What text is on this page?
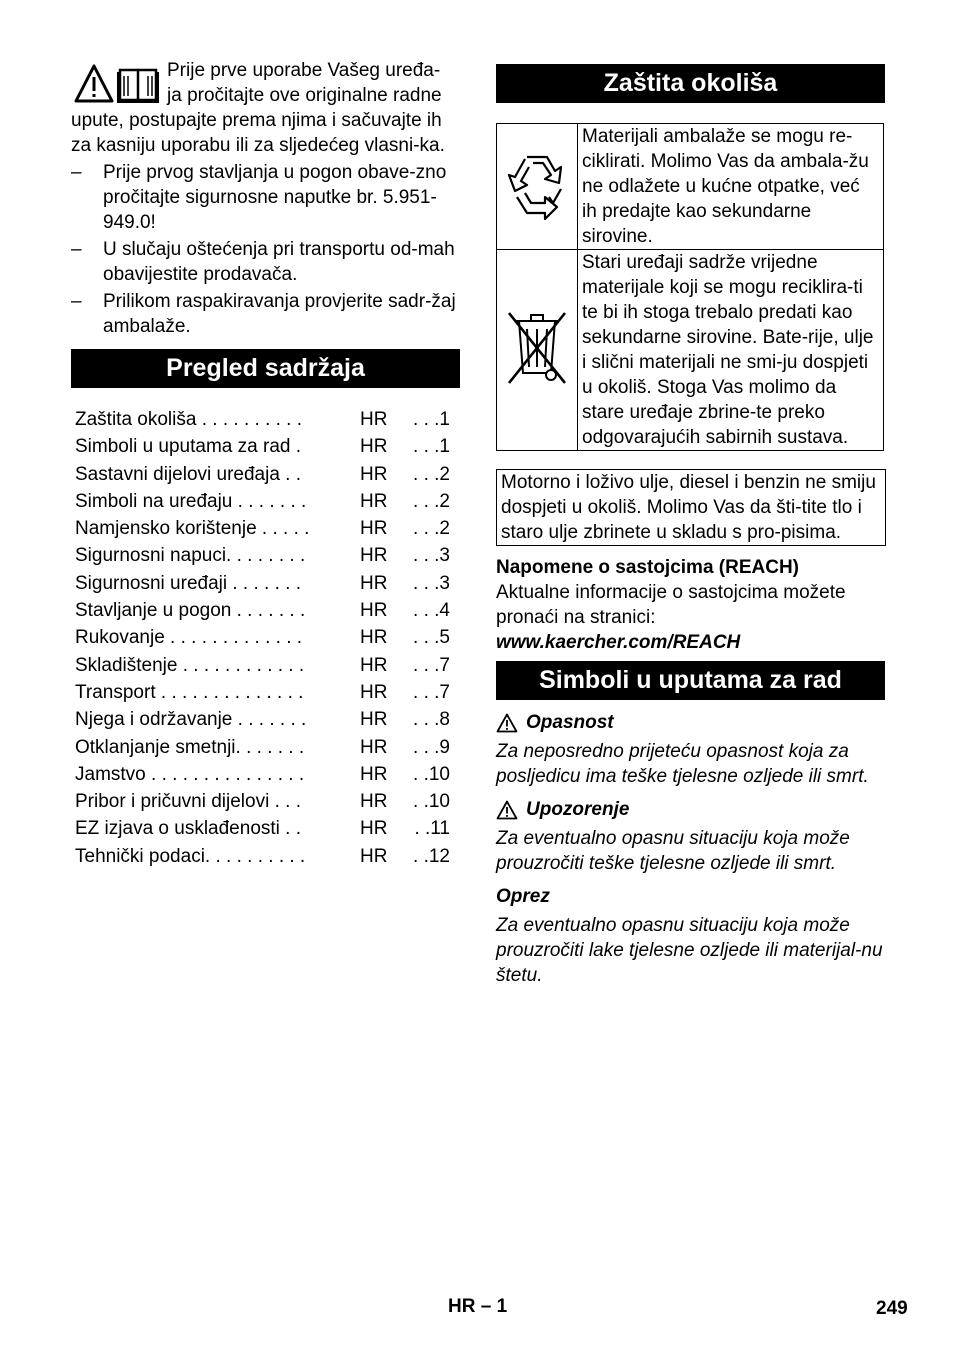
Prije prve uporabe Vašeg uređa-

ja pročitajte ove originalne radne

upute, postupajte prema njima i sačuvajte ih za kasniju uporabu ili za sljedećeg vlasni-ka.

– Prije prvog stavljanja u pogon obave-zno pročitajte sigurnosne naputke br. 5.951-949.0!
– U slučaju oštećenja pri transportu od-mah obavijestite prodavača.
– Prilikom raspakiravanja provjerite sadr-žaj ambalaže.
Pregled sadržaja
Zaštita okoliša . . . . . . . . . .	HR	. . .1
Simboli u uputama za rad .	HR	. . .1
Sastavni dijelovi uređaja . .	HR	. . .2
Simboli na uređaju . . . . . . .	HR	. . .2
Namjensko korištenje . . . . .	HR	. . .2
Sigurnosni napuci. . . . . . . .	HR	. . .3
Sigurnosni uređaji . . . . . . .	HR	. . .3
Stavljanje u pogon . . . . . . .	HR	. . .4
Rukovanje . . . . . . . . . . . . .	HR	. . .5
Skladištenje . . . . . . . . . . . .	HR	. . .7
Transport . . . . . . . . . . . . . .	HR	. . .7
Njega i održavanje . . . . . . .	HR	. . .8
Otklanjanje smetnji. . . . . . .	HR	. . .9
Jamstvo . . . . . . . . . . . . . . .	HR	. .10
Pribor i pričuvni dijelovi . . .	HR	. .10
EZ izjava o usklađenosti . .	HR	. .11
Tehnički podaci. . . . . . . . . .	HR	. .12
Zaštita okoliša
	Materijali ambalaže se mogu re-ciklirati. Molimo Vas da ambala-žu ne odlažete u kućne otpatke, već ih predajte kao sekundarne sirovine.
	Stari uređaji sadrže vrijedne materijale koji se mogu reciklira-ti te bi ih stoga trebalo predati kao sekundarne sirovine. Bate-rije, ulje i slični materijali ne smi-ju dospjeti u okoliš. Stoga Vas molimo da stare uređaje zbrine-te preko odgovarajućih sabirnih sustava.
Motorno i loživo ulje, diesel i benzin ne smiju dospjeti u okoliš. Molimo Vas da šti-tite tlo i staro ulje zbrinete u skladu s pro-pisima.

Napomene o sastojcima (REACH)

Aktualne informacije o sastojcima možete pronaći na stranici:

www.kaercher.com/REACH

Simboli u uputama za rad
Opasnost

Za neposredno prijeteću opasnost koja za posljedicu ima teške tjelesne ozljede ili smrt.

Upozorenje

Za eventualno opasnu situaciju koja može prouzročiti teške tjelesne ozljede ili smrt.

Oprez

Za eventualno opasnu situaciju koja može prouzročiti lake tjelesne ozljede ili materijal-nu štetu.

HR – 1	249
